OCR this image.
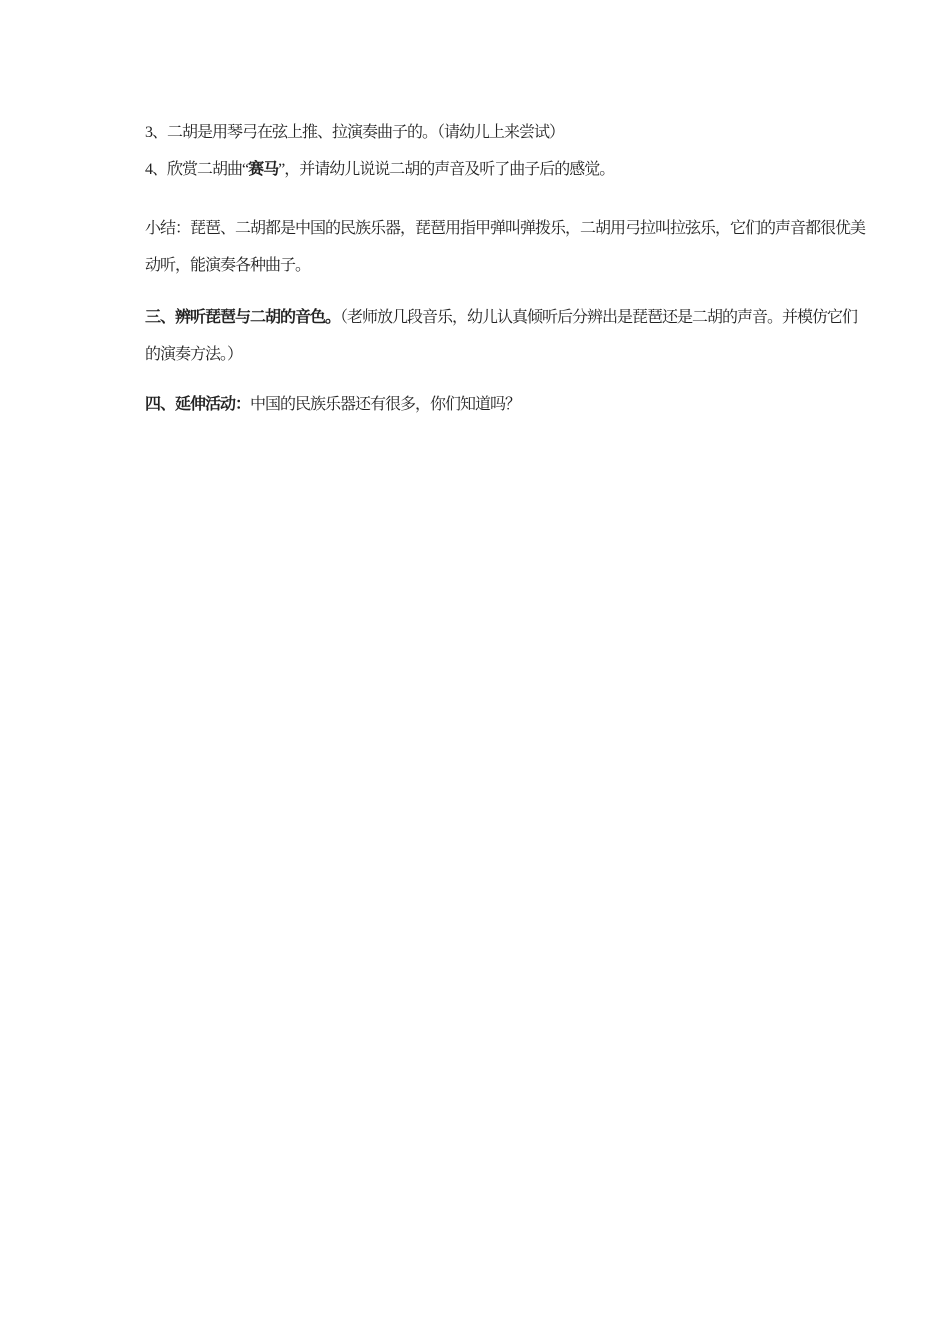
3、二胡是用琴弓在弦上推、拉演奏曲子的。（请幼儿上来尝试）
4、欣赏二胡曲“赛马”，并请幼儿说说二胡的声音及听了曲子后的感觉。
小结：琵琶、二胡都是中国的民族乐器，琵琶用指甲弹叫弹拨乐，二胡用弓拉叫拉弦乐，它们的声音都很优美
动听，能演奏各种曲子。
三、辨听琵琶与二胡的音色。（老师放几段音乐，幼儿认真倾听后分辨出是琵琶还是二胡的声音。并模仿它们
的演奏方法。）
四、延伸活动：中国的民族乐器还有很多，你们知道吗？
